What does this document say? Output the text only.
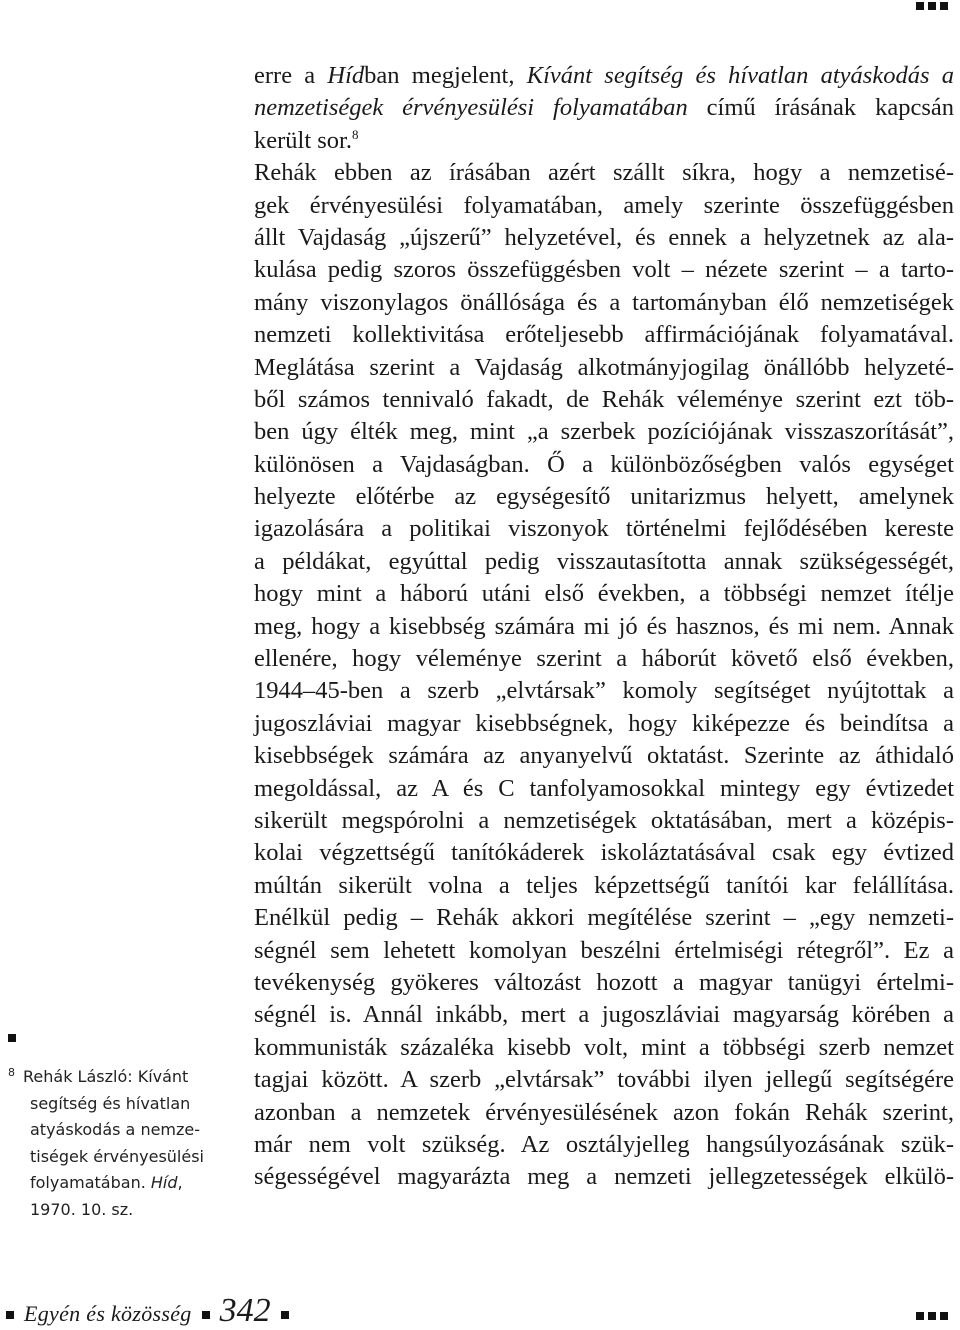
erre a Hídban megjelent, Kívánt segítség és hívatlan atyáskodás a
nemzetiségek érvényesülési folyamatában című írásának kapcsán
került sor.$^8$
Rehák ebben az írásában azért szállt síkra, hogy a nemzetisé-
gek érvényesülési folyamatában, amely szerinte összefüggésben
állt Vajdaság „újszerű” helyzetével, és ennek a helyzetnek az ala-
kulása pedig szoros összefüggésben volt – nézete szerint – a tarto-
mány viszonylagos önállósága és a tartományban élő nemzetiségek
nemzeti kollektivitása erőteljesebb affirmációjának folyamatával.
Meglátása szerint a Vajdaság alkotmányjogilag önállóbb helyzeté-
ből számos tennivaló fakadt, de Rehák véleménye szerint ezt töb-
ben úgy élték meg, mint „a szerbek pozíciójának visszaszorítását”,
különösen a Vajdaságban. Ő a különbözőségben valós egységet
helyezte előtérbe az egységesítő unitarizmus helyett, amelynek
igazolására a politikai viszonyok történelmi fejlődésében kereste
a példákat, egyúttal pedig visszautasította annak szükségességét,
hogy mint a háború utáni első években, a többségi nemzet ítélje
meg, hogy a kisebbség számára mi jó és hasznos, és mi nem. Annak
ellenére, hogy véleménye szerint a háborút követő első években,
1944–45-ben a szerb „elvtársak” komoly segítséget nyújtottak a
jugoszláviai magyar kisebbségnek, hogy kiképezze és beindítsa a
kisebbségek számára az anyanyelvű oktatást. Szerinte az áthidaló
megoldással, az A és C tanfolyamosokkal mintegy egy évtizedet
sikerült megspórolni a nemzetiségek oktatásában, mert a középis-
kolai végzettségű tanítókáderek iskoláztatásával csak egy évtized
múltán sikerült volna a teljes képzettségű tanítói kar felállítása.
Enélkül pedig – Rehák akkori megítélése szerint – „egy nemzeti-
ségnél sem lehetett komolyan beszélni értelmiségi rétegről”. Ez a
tevékenység gyökeres változást hozott a magyar tanügyi értelmi-
ségnél is. Annál inkább, mert a jugoszláviai magyarság körében a
kommunisták százaléka kisebb volt, mint a többségi szerb nemzet
tagjai között. A szerb „elvtársak” további ilyen jellegű segítségére
azonban a nemzetek érvényesülésének azon fokán Rehák szerint,
már nem volt szükség. Az osztályjelleg hangsúlyozásának szük-
ségességével magyarázta meg a nemzeti jellegzetességek elkülö-
$^8$ Rehák László: Kívánt
segítség és hívatlan
atyáskodás a nemze-
tiségek érvényesülési
folyamatában. Híd,
1970. 10. sz.
Egyén és közösség 342
